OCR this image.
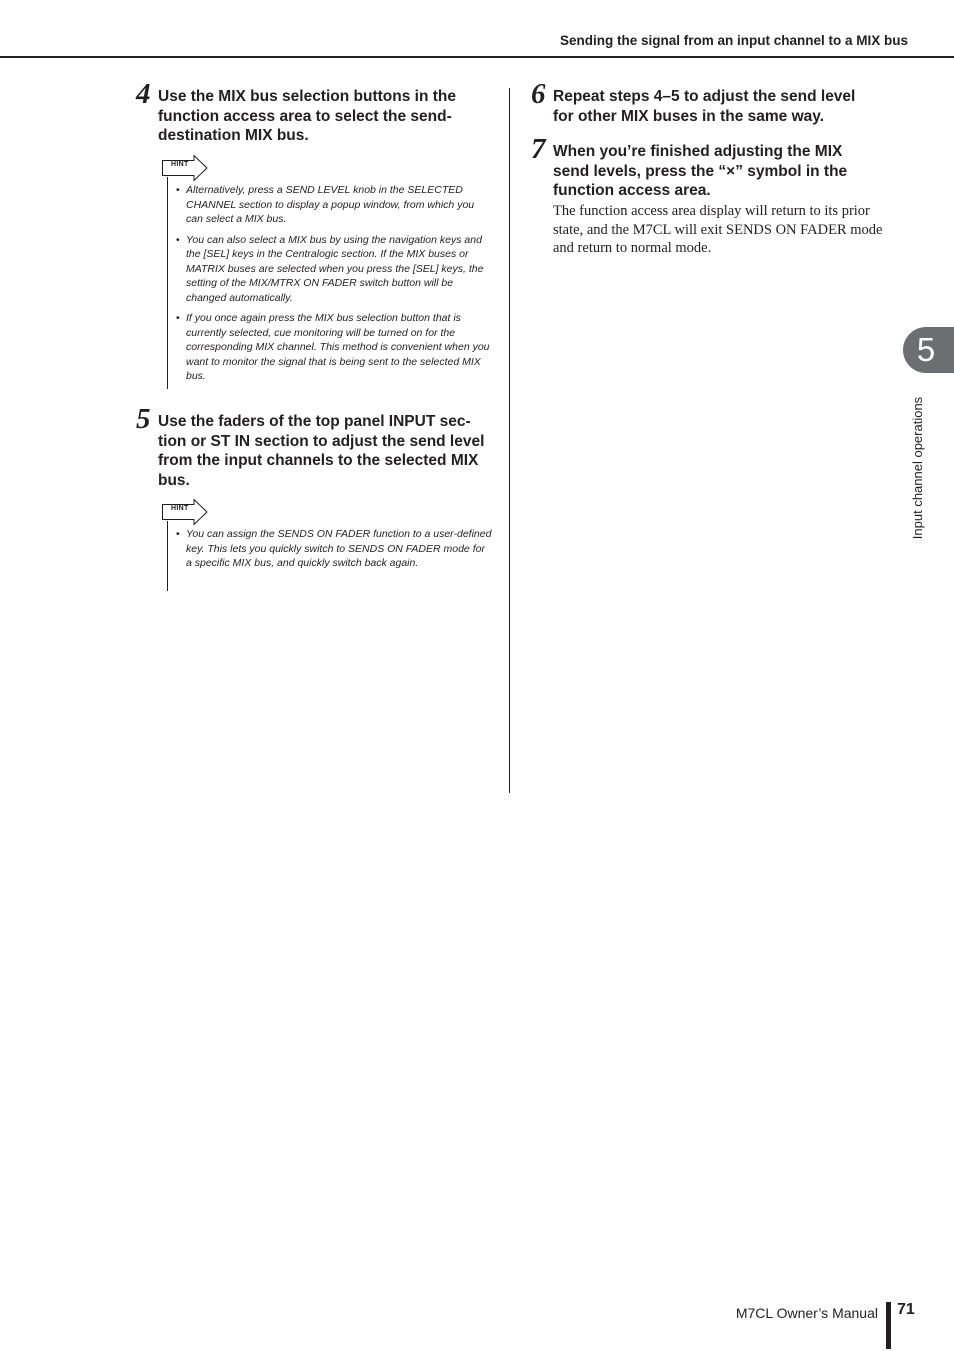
Sending the signal from an input channel to a MIX bus
4 Use the MIX bus selection buttons in the function access area to select the send-destination MIX bus.
HINT
• Alternatively, press a SEND LEVEL knob in the SELECTED CHANNEL section to display a popup window, from which you can select a MIX bus.
• You can also select a MIX bus by using the navigation keys and the [SEL] keys in the Centralogic section. If the MIX buses or MATRIX buses are selected when you press the [SEL] keys, the setting of the MIX/MTRX ON FADER switch button will be changed automatically.
• If you once again press the MIX bus selection button that is currently selected, cue monitoring will be turned on for the corresponding MIX channel. This method is convenient when you want to monitor the signal that is being sent to the selected MIX bus.
5 Use the faders of the top panel INPUT sec-tion or ST IN section to adjust the send level from the input channels to the selected MIX bus.
HINT
• You can assign the SENDS ON FADER function to a user-defined key. This lets you quickly switch to SENDS ON FADER mode for a specific MIX bus, and quickly switch back again.
6 Repeat steps 4–5 to adjust the send level for other MIX buses in the same way.
7 When you’re finished adjusting the MIX send levels, press the “×” symbol in the function access area.
The function access area display will return to its prior state, and the M7CL will exit SENDS ON FADER mode and return to normal mode.
5
Input channel operations
M7CL Owner’s Manual 71
